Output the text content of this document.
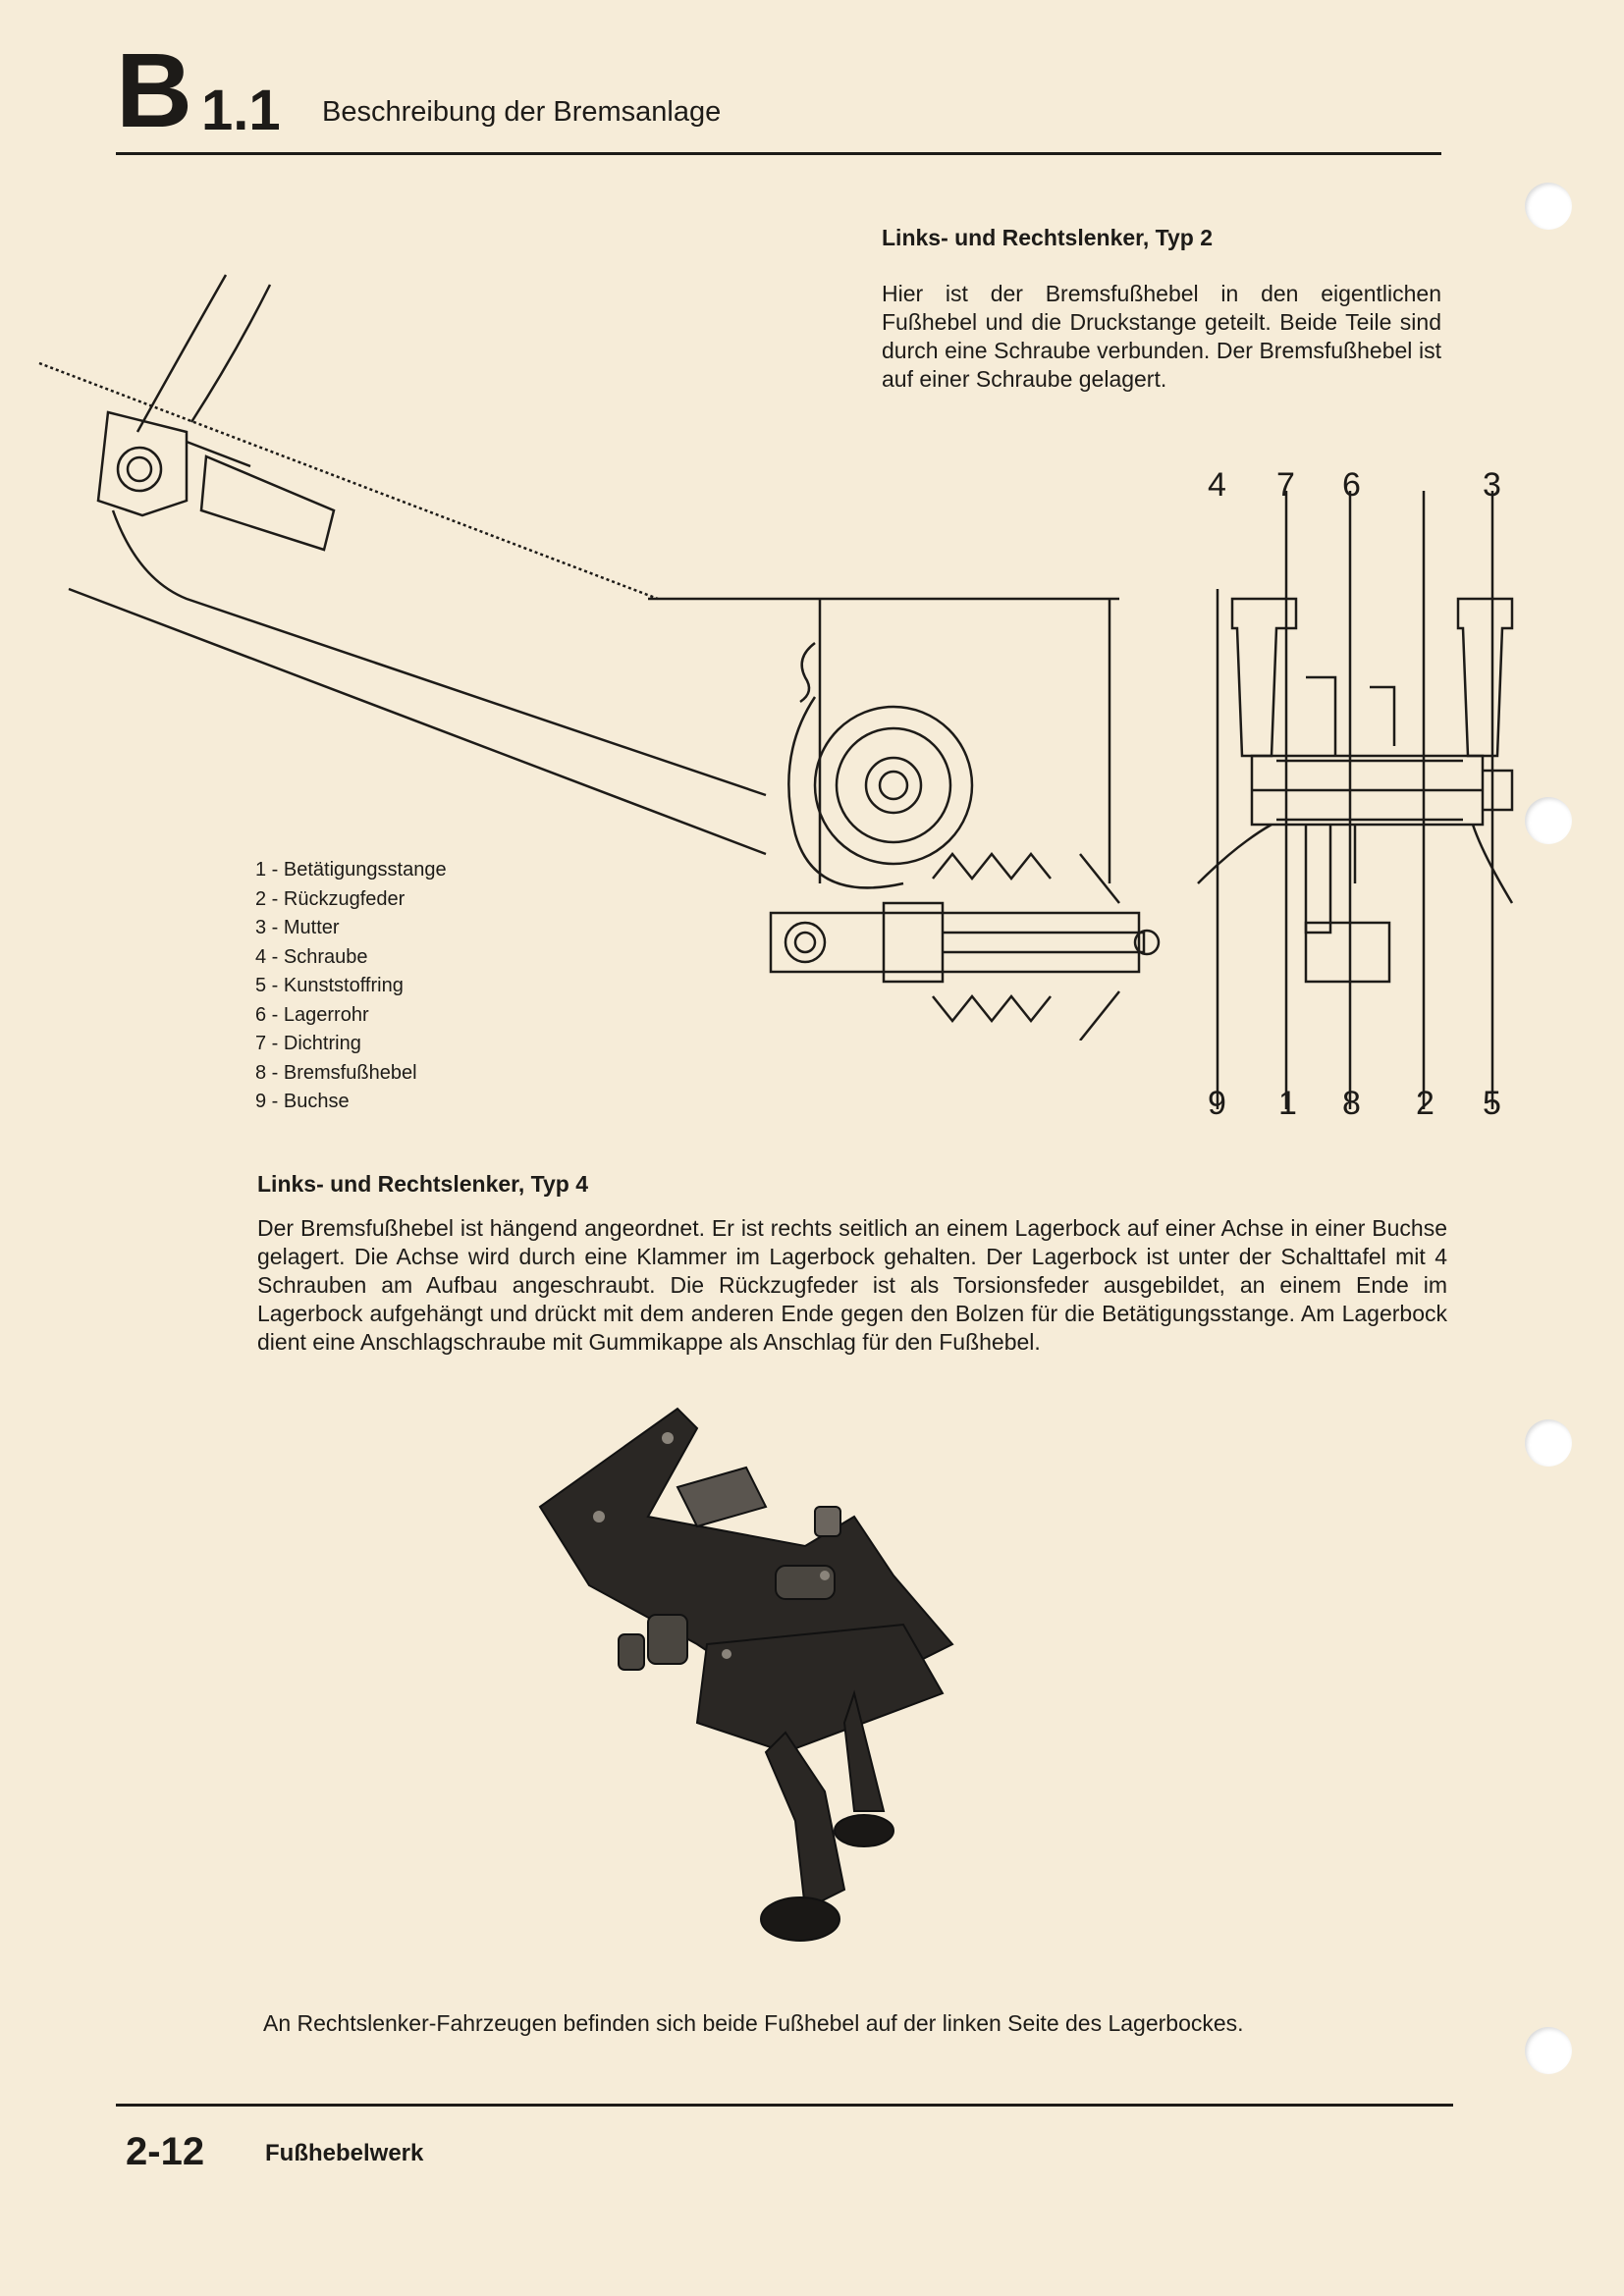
B 1.1 Beschreibung der Bremsanlage
Links- und Rechtslenker, Typ 2

Hier ist der Bremsfußhebel in den eigentlichen Fußhebel und die Druckstange geteilt. Beide Teile sind durch eine Schraube verbunden. Der Bremsfußhebel ist auf einer Schraube gelagert.

1 - Betätigungsstange
2 - Rückzugfeder
3 - Mutter
4 - Schraube
5 - Kunststoffring
6 - Lagerrohr
7 - Dichtring
8 - Bremsfußhebel
9 - Buchse
4 7 6	3
9 1 8 2 5
Links- und Rechtslenker, Typ 4

Der Bremsfußhebel ist hängend angeordnet. Er ist rechts seitlich an einem Lagerbock auf einer Achse in einer Buchse gelagert. Die Achse wird durch eine Klammer im Lagerbock gehalten. Der Lagerbock ist unter der Schalttafel mit 4 Schrauben am Aufbau angeschraubt. Die Rückzugfeder ist als Torsionsfeder ausgebildet, an einem Ende im Lagerbock aufgehängt und drückt mit dem anderen Ende gegen den Bolzen für die Betätigungsstange. Am Lagerbock dient eine Anschlagschraube mit Gummikappe als Anschlag für den Fußhebel.

An Rechtslenker-Fahrzeugen befinden sich beide Fußhebel auf der linken Seite des Lagerbockes.
2-12	Fußhebelwerk
